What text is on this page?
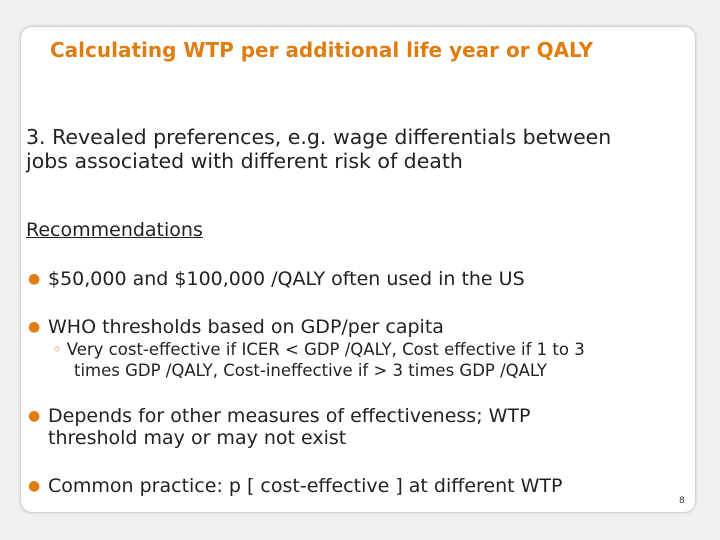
Calculating WTP per additional life year or QALY
3. Revealed preferences, e.g. wage differentials between
jobs associated with different risk of death
Recommendations
● $50,000 and $100,000 /QALY often used in the US
● WHO thresholds based on GDP/per capita
◦ Very cost-effective if ICER < GDP /QALY, Cost effective if 1 to 3
times GDP /QALY, Cost-ineffective if > 3 times GDP /QALY
● Depends for other measures of effectiveness; WTP
threshold may or may not exist
● Common practice: p [ cost-effective ] at different WTP
8
